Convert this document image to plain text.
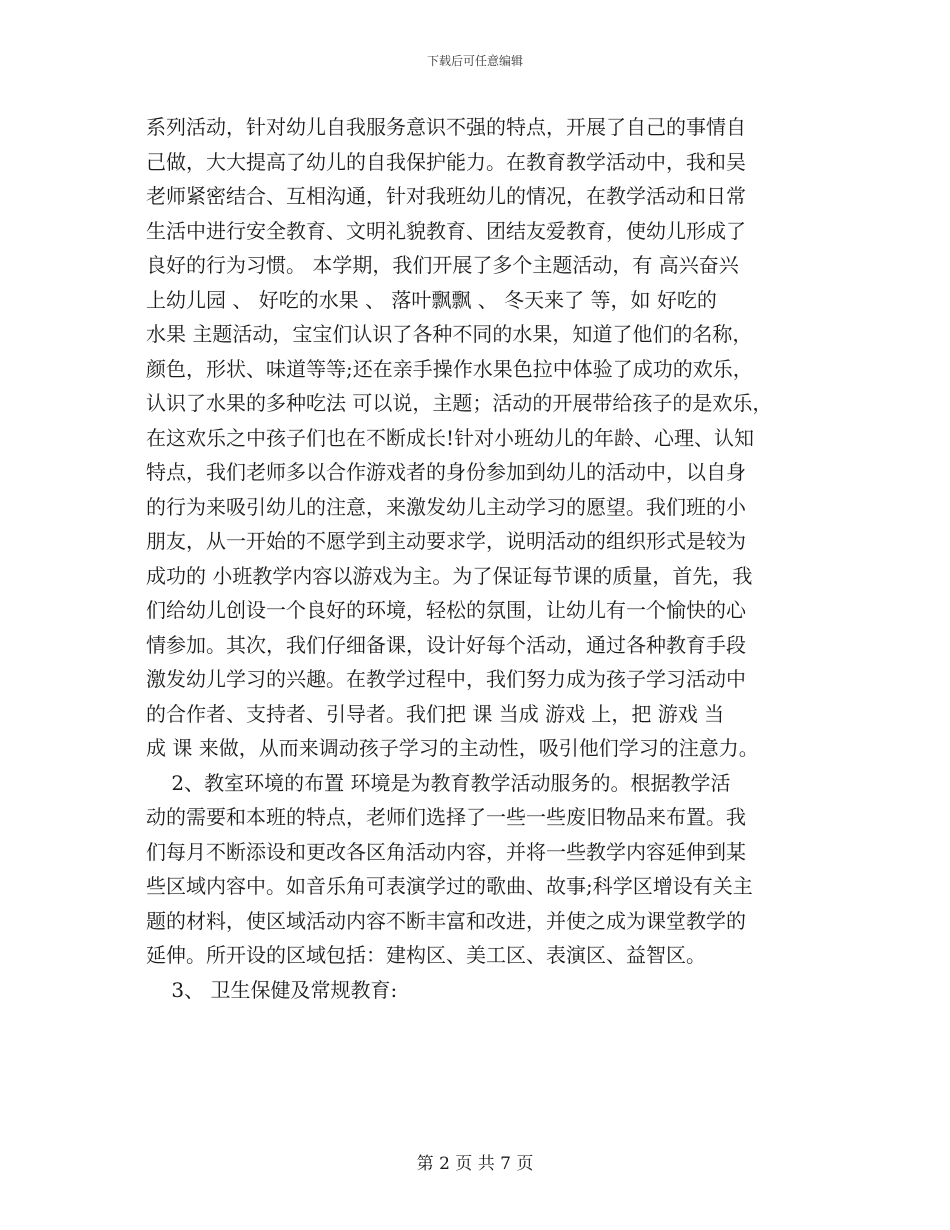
下载后可任意编辑
系列活动，针对幼儿自我服务意识不强的特点，开展了自己的事情自
己做，大大提高了幼儿的自我保护能力。在教育教学活动中，我和吴
老师紧密结合、互相沟通，针对我班幼儿的情况，在教学活动和日常
生活中进行安全教育、文明礼貌教育、团结友爱教育，使幼儿形成了
良好的行为习惯。 本学期，我们开展了多个主题活动，有 高兴奋兴
上幼儿园 、 好吃的水果 、 落叶飘飘 、 冬天来了 等，如 好吃的
水果 主题活动，宝宝们认识了各种不同的水果，知道了他们的名称，
颜色，形状、味道等等;还在亲手操作水果色拉中体验了成功的欢乐，
认识了水果的多种吃法 可以说，主题；活动的开展带给孩子的是欢乐，
在这欢乐之中孩子们也在不断成长!针对小班幼儿的年龄、心理、认知
特点，我们老师多以合作游戏者的身份参加到幼儿的活动中，以自身
的行为来吸引幼儿的注意，来激发幼儿主动学习的愿望。我们班的小
朋友，从一开始的不愿学到主动要求学，说明活动的组织形式是较为
成功的 小班教学内容以游戏为主。为了保证每节课的质量，首先，我
们给幼儿创设一个良好的环境，轻松的氛围，让幼儿有一个愉快的心
情参加。其次，我们仔细备课，设计好每个活动，通过各种教育手段
激发幼儿学习的兴趣。在教学过程中，我们努力成为孩子学习活动中
的合作者、支持者、引导者。我们把 课 当成 游戏 上，把 游戏 当
成 课 来做，从而来调动孩子学习的主动性，吸引他们学习的注意力。
2、教室环境的布置 环境是为教育教学活动服务的。根据教学活
动的需要和本班的特点，老师们选择了一些一些废旧物品来布置。我
们每月不断添设和更改各区角活动内容，并将一些教学内容延伸到某
些区域内容中。如音乐角可表演学过的歌曲、故事;科学区增设有关主
题的材料，使区域活动内容不断丰富和改进，并使之成为课堂教学的
延伸。所开设的区域包括：建构区、美工区、表演区、益智区。
3、 卫生保健及常规教育:
第 2 页 共 7 页
